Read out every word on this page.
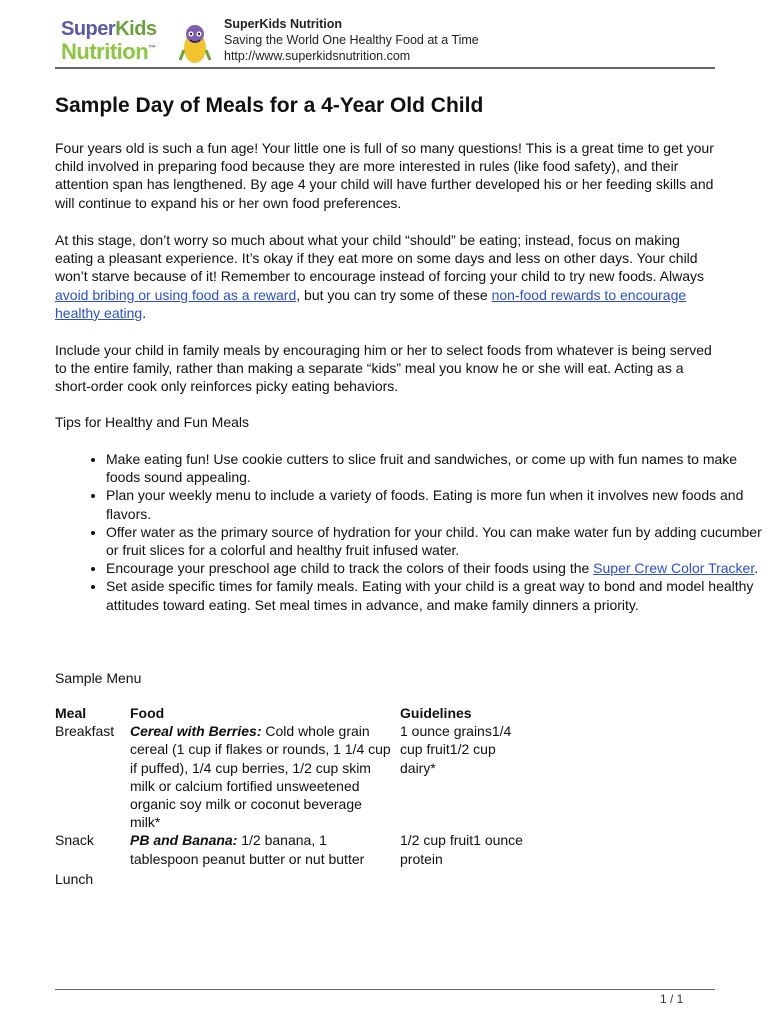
SuperKids
Nutrition™
SuperKids Nutrition
Saving the World One Healthy Food at a Time
http://www.superkidsnutrition.com
Sample Day of Meals for a 4-Year Old Child

Four years old is such a fun age! Your little one is full of so many questions! This is a great time to get your child involved in preparing food because they are more interested in rules (like food safety), and their attention span has lengthened. By age 4 your child will have further developed his or her feeding skills and will continue to expand his or her own food preferences.

At this stage, don’t worry so much about what your child “should” be eating; instead, focus on making eating a pleasant experience. It’s okay if they eat more on some days and less on other days. Your child won’t starve because of it! Remember to encourage instead of forcing your child to try new foods. Always avoid bribing or using food as a reward, but you can try some of these non-food rewards to encourage healthy eating.

Include your child in family meals by encouraging him or her to select foods from whatever is being served to the entire family, rather than making a separate “kids” meal you know he or she will eat. Acting as a short-order cook only reinforces picky eating behaviors.

Tips for Healthy and Fun Meals

• Make eating fun! Use cookie cutters to slice fruit and sandwiches, or come up with fun names to make foods sound appealing.
• Plan your weekly menu to include a variety of foods. Eating is more fun when it involves new foods and flavors.
• Offer water as the primary source of hydration for your child. You can make water fun by adding cucumber or fruit slices for a colorful and healthy fruit infused water.
• Encourage your preschool age child to track the colors of their foods using the Super Crew Color Tracker.
• Set aside specific times for family meals. Eating with your child is a great way to bond and model healthy attitudes toward eating. Set meal times in advance, and make family dinners a priority.

Sample Menu

Meal	Food	Guidelines
Breakfast	Cereal with Berries: Cold whole grain cereal (1 cup if flakes or rounds, 1 1/4 cup if puffed), 1/4 cup berries, 1/2 cup skim milk or calcium fortified unsweetened organic soy milk or coconut beverage milk*	1 ounce grains1/4 cup fruit1/2 cup dairy*
Snack	PB and Banana: 1/2 banana, 1 tablespoon peanut butter or nut butter	1/2 cup fruit1 ounce protein
Lunch		
1 / 1
